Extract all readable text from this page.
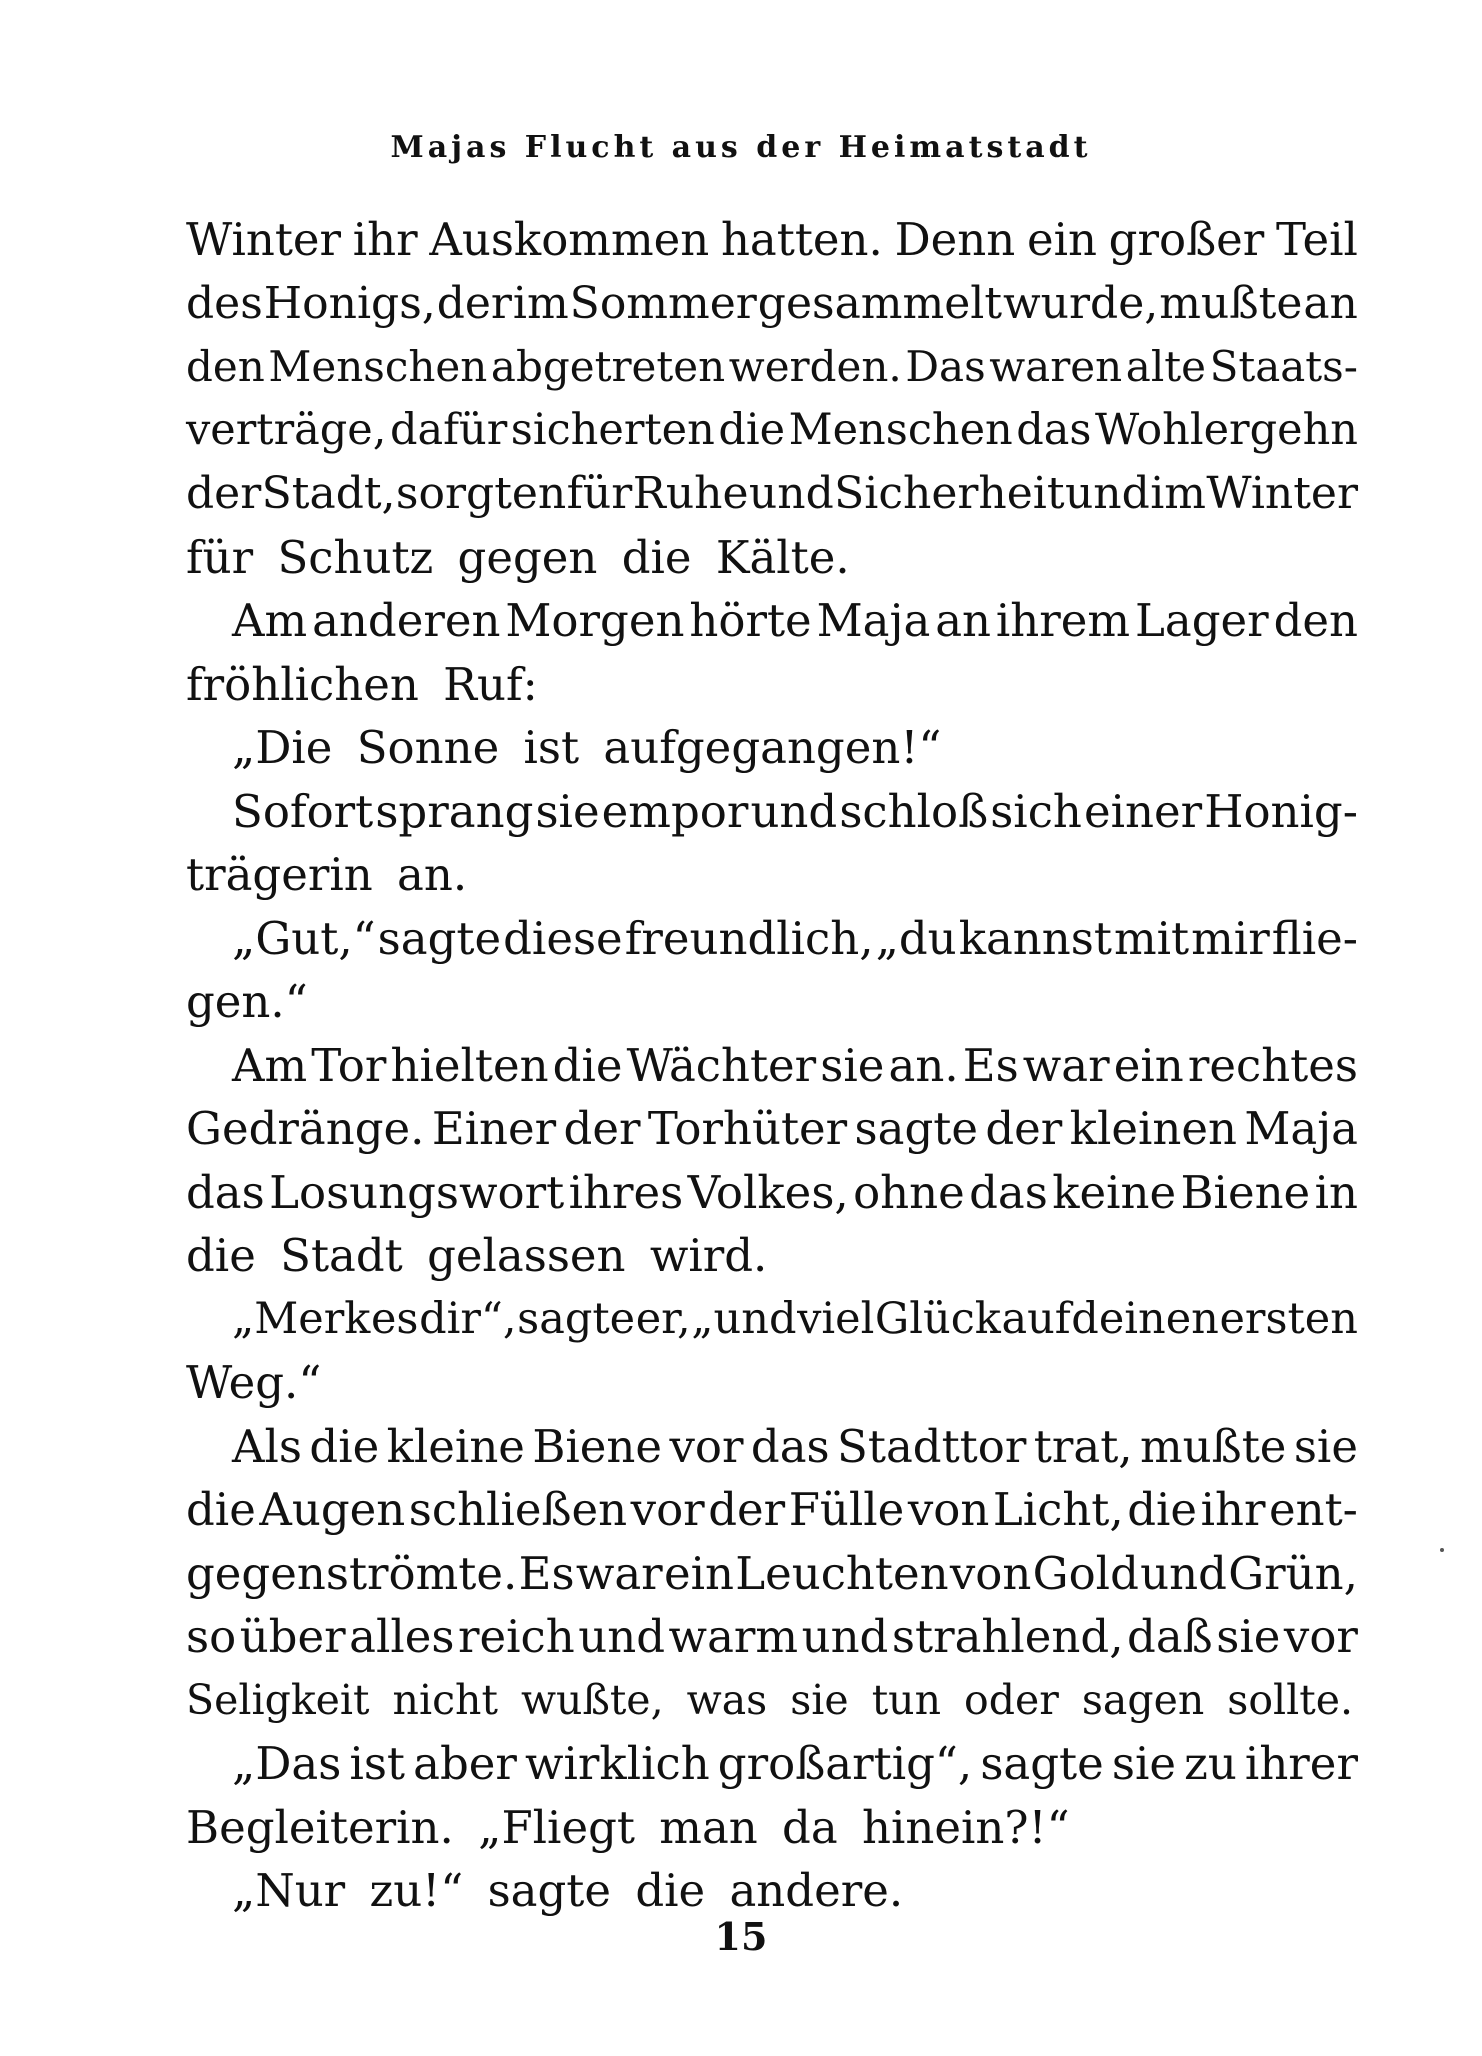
Majas Flucht aus der Heimatstadt
Winter ihr Auskommen hatten. Denn ein großer Teil
des Honigs, der im Sommer gesammelt wurde, mußte an
den Menschen abgetreten werden. Das waren alte Staats-
verträge, dafür sicherten die Menschen das Wohlergehn
der Stadt, sorgten für Ruhe und Sicherheit und im Winter
für Schutz gegen die Kälte.
Am anderen Morgen hörte Maja an ihrem Lager den
fröhlichen Ruf:
„Die Sonne ist aufgegangen!“
Sofort sprang sie empor und schloß sich einer Honig-
trägerin an.
„Gut,“ sagte diese freundlich, „du kannst mit mir flie-
gen.“
Am Tor hielten die Wächter sie an. Es war ein rechtes
Gedränge. Einer der Torhüter sagte der kleinen Maja
das Losungswort ihres Volkes, ohne das keine Biene in
die Stadt gelassen wird.
„Merk es dir“, sagte er, „und viel Glück auf deinen ersten
Weg.“
Als die kleine Biene vor das Stadttor trat, mußte sie
die Augen schließen vor der Fülle von Licht, die ihr ent-
gegenströmte. Es war ein Leuchten von Gold und Grün,
so über alles reich und warm und strahlend, daß sie vor
Seligkeit nicht wußte, was sie tun oder sagen sollte.
„Das ist aber wirklich großartig“, sagte sie zu ihrer
Begleiterin. „Fliegt man da hinein?!“
„Nur zu!“ sagte die andere.
15
